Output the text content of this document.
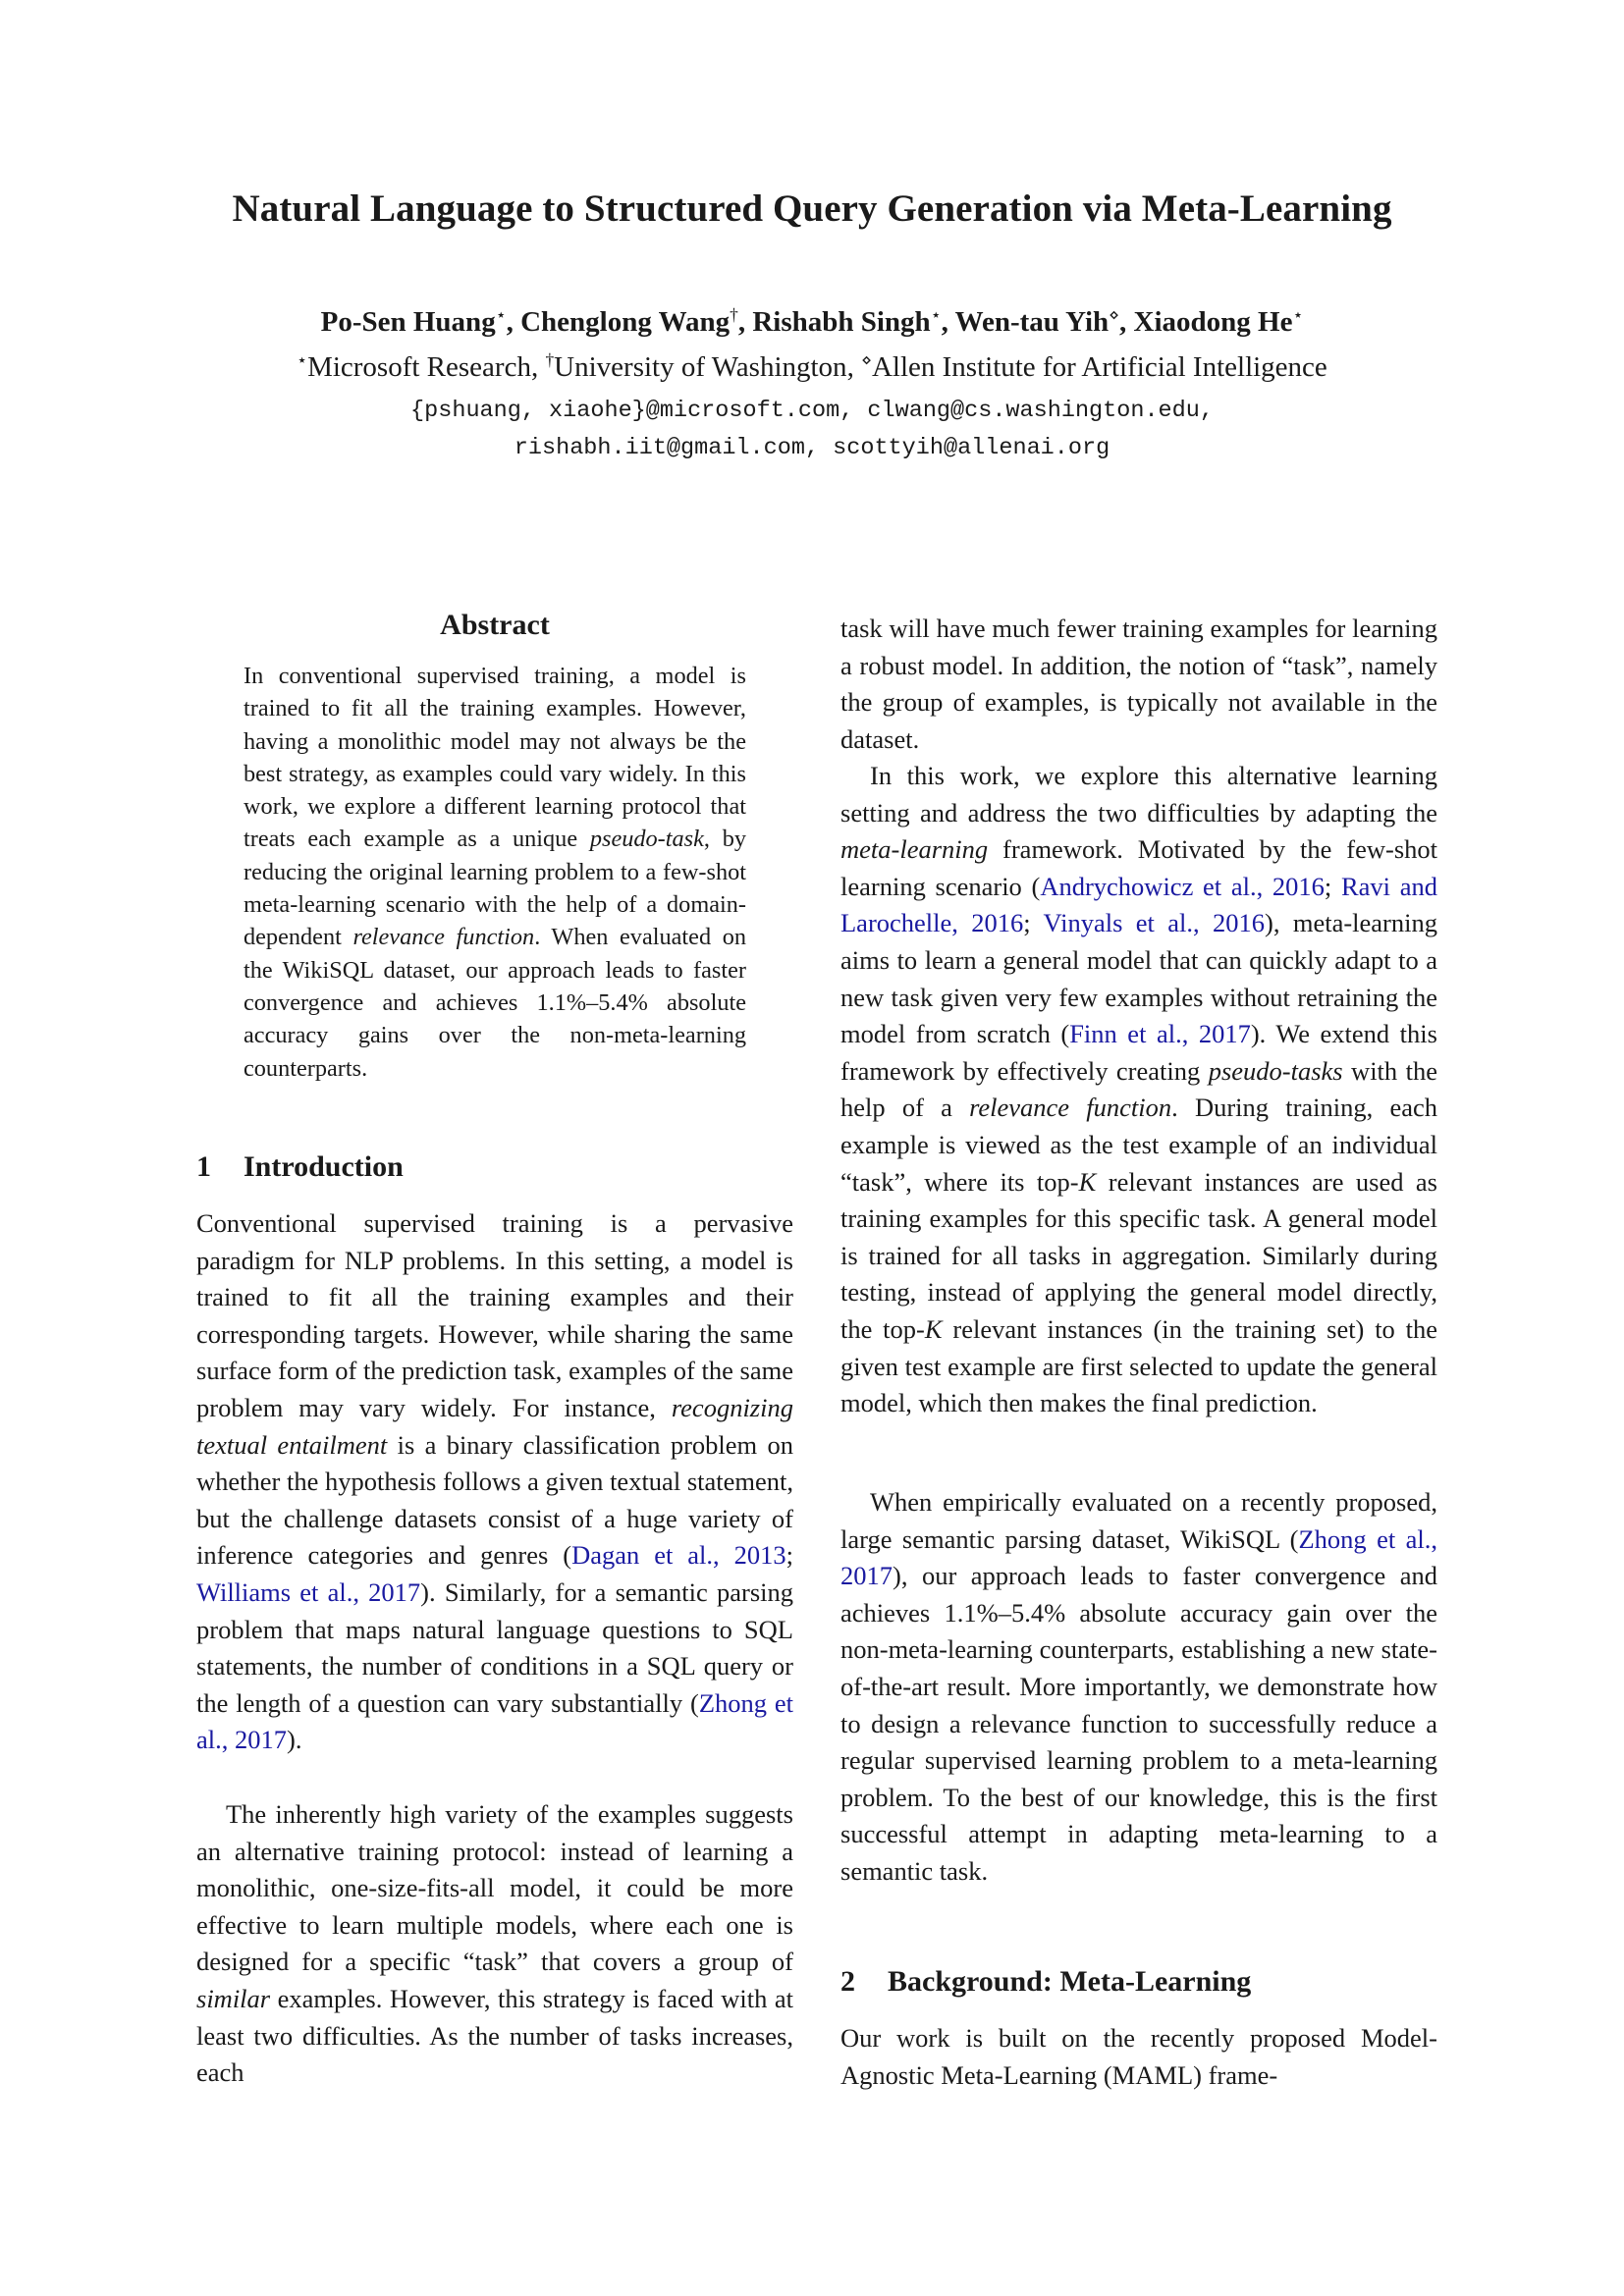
Natural Language to Structured Query Generation via Meta-Learning

Po-Sen Huang⋆, Chenglong Wang†, Rishabh Singh⋆, Wen-tau Yih⋄, Xiaodong He⋆

⋆Microsoft Research, †University of Washington, ⋄Allen Institute for Artificial Intelligence

{pshuang, xiaohe}@microsoft.com, clwang@cs.washington.edu,
rishabh.iit@gmail.com, scottyih@allenai.org
Abstract

In conventional supervised training, a model is trained to fit all the training examples. However, having a monolithic model may not always be the best strategy, as examples could vary widely. In this work, we explore a different learning protocol that treats each example as a unique pseudo-task, by reducing the original learning problem to a few-shot meta-learning scenario with the help of a domain-dependent relevance function. When evaluated on the WikiSQL dataset, our approach leads to faster convergence and achieves 1.1%–5.4% absolute accuracy gains over the non-meta-learning counterparts.

1 Introduction

Conventional supervised training is a pervasive paradigm for NLP problems. In this setting, a model is trained to fit all the training examples and their corresponding targets. However, while sharing the same surface form of the prediction task, examples of the same problem may vary widely. For instance, recognizing textual entailment is a binary classification problem on whether the hypothesis follows a given textual statement, but the challenge datasets consist of a huge variety of inference categories and genres (Dagan et al., 2013; Williams et al., 2017). Similarly, for a semantic parsing problem that maps natural language questions to SQL statements, the number of conditions in a SQL query or the length of a question can vary substantially (Zhong et al., 2017).

The inherently high variety of the examples suggests an alternative training protocol: instead of learning a monolithic, one-size-fits-all model, it could be more effective to learn multiple models, where each one is designed for a specific “task” that covers a group of similar examples. However, this strategy is faced with at least two difficulties. As the number of tasks increases, each

task will have much fewer training examples for learning a robust model. In addition, the notion of “task”, namely the group of examples, is typically not available in the dataset.

In this work, we explore this alternative learning setting and address the two difficulties by adapting the meta-learning framework. Motivated by the few-shot learning scenario (Andrychowicz et al., 2016; Ravi and Larochelle, 2016; Vinyals et al., 2016), meta-learning aims to learn a general model that can quickly adapt to a new task given very few examples without retraining the model from scratch (Finn et al., 2017). We extend this framework by effectively creating pseudo-tasks with the help of a relevance function. During training, each example is viewed as the test example of an individual “task”, where its top-K relevant instances are used as training examples for this specific task. A general model is trained for all tasks in aggregation. Similarly during testing, instead of applying the general model directly, the top-K relevant instances (in the training set) to the given test example are first selected to update the general model, which then makes the final prediction.

When empirically evaluated on a recently proposed, large semantic parsing dataset, WikiSQL (Zhong et al., 2017), our approach leads to faster convergence and achieves 1.1%–5.4% absolute accuracy gain over the non-meta-learning counterparts, establishing a new state-of-the-art result. More importantly, we demonstrate how to design a relevance function to successfully reduce a regular supervised learning problem to a meta-learning problem. To the best of our knowledge, this is the first successful attempt in adapting meta-learning to a semantic task.

2 Background: Meta-Learning

Our work is built on the recently proposed Model-Agnostic Meta-Learning (MAML) frame-
